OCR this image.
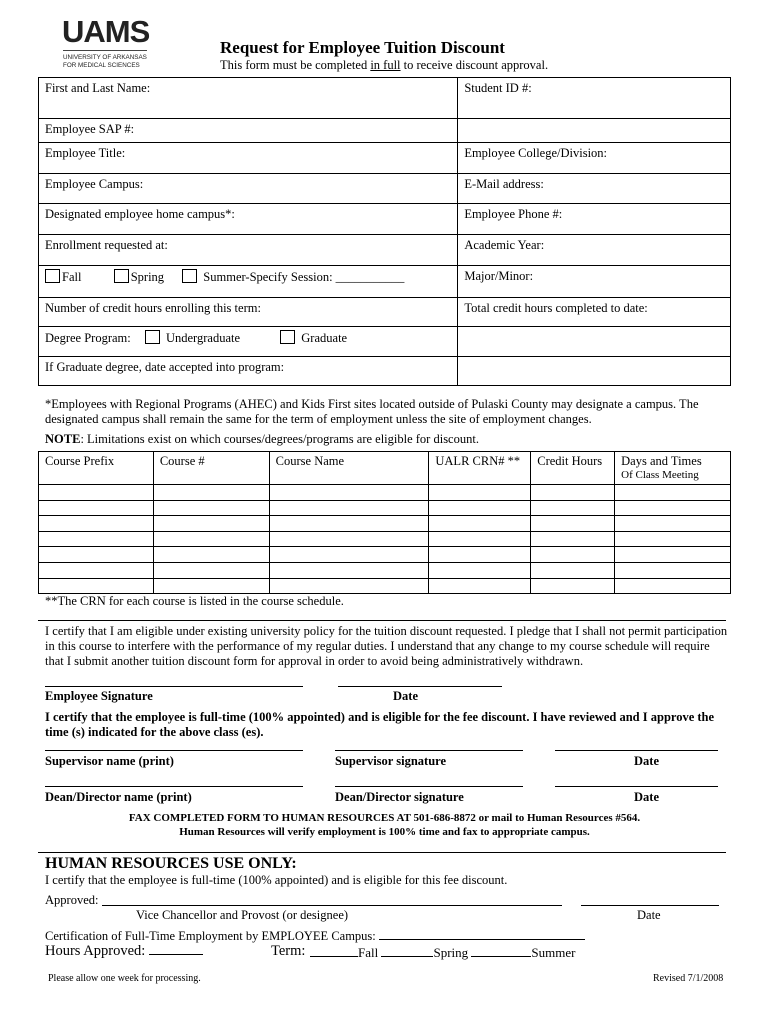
UAMS
UNIVERSITY OF ARKANSAS
FOR MEDICAL SCIENCES
Request for Employee Tuition Discount
This form must be completed in full to receive discount approval.
First and Last Name:	Student ID #:
Employee SAP #:	
Employee Title:	Employee College/Division:
Employee Campus:	E-Mail address:
Designated employee home campus*:	Employee Phone #:
Enrollment requested at:	Academic Year:
Fall Spring Summer-Specify Session: ___________	Major/Minor:
Number of credit hours enrolling this term:	Total credit hours completed to date:
Degree Program: Undergraduate Graduate	
If Graduate degree, date accepted into program:	
*Employees with Regional Programs (AHEC) and Kids First sites located outside of Pulaski County may designate a campus. The designated campus shall remain the same for the term of employment unless the site of employment changes.
NOTE: Limitations exist on which courses/degrees/programs are eligible for discount.
Course Prefix	Course #	Course Name	UALR CRN# **	Credit Hours	Days and Times
Of Class Meeting

**The CRN for each course is listed in the course schedule.
I certify that I am eligible under existing university policy for the tuition discount requested. I pledge that I shall not permit participation in this course to interfere with the performance of my regular duties. I understand that any change to my course schedule will require that I submit another tuition discount form for approval in order to avoid being administratively withdrawn.
Employee Signature	Date
I certify that the employee is full-time (100% appointed) and is eligible for the fee discount. I have reviewed and I approve the time (s) indicated for the above class (es).
Supervisor name (print)	Supervisor signature	Date
Dean/Director name (print)	Dean/Director signature	Date
FAX COMPLETED FORM TO HUMAN RESOURCES AT 501-686-8872 or mail to Human Resources #564.
Human Resources will verify employment is 100% time and fax to appropriate campus.
HUMAN RESOURCES USE ONLY:
I certify that the employee is full-time (100% appointed) and is eligible for this fee discount.
Approved:
Vice Chancellor and Provost (or designee)	Date
Certification of Full-Time Employment by EMPLOYEE Campus:
Hours Approved:	Term:	Fall	Spring	Summer
Please allow one week for processing.	Revised 7/1/2008
